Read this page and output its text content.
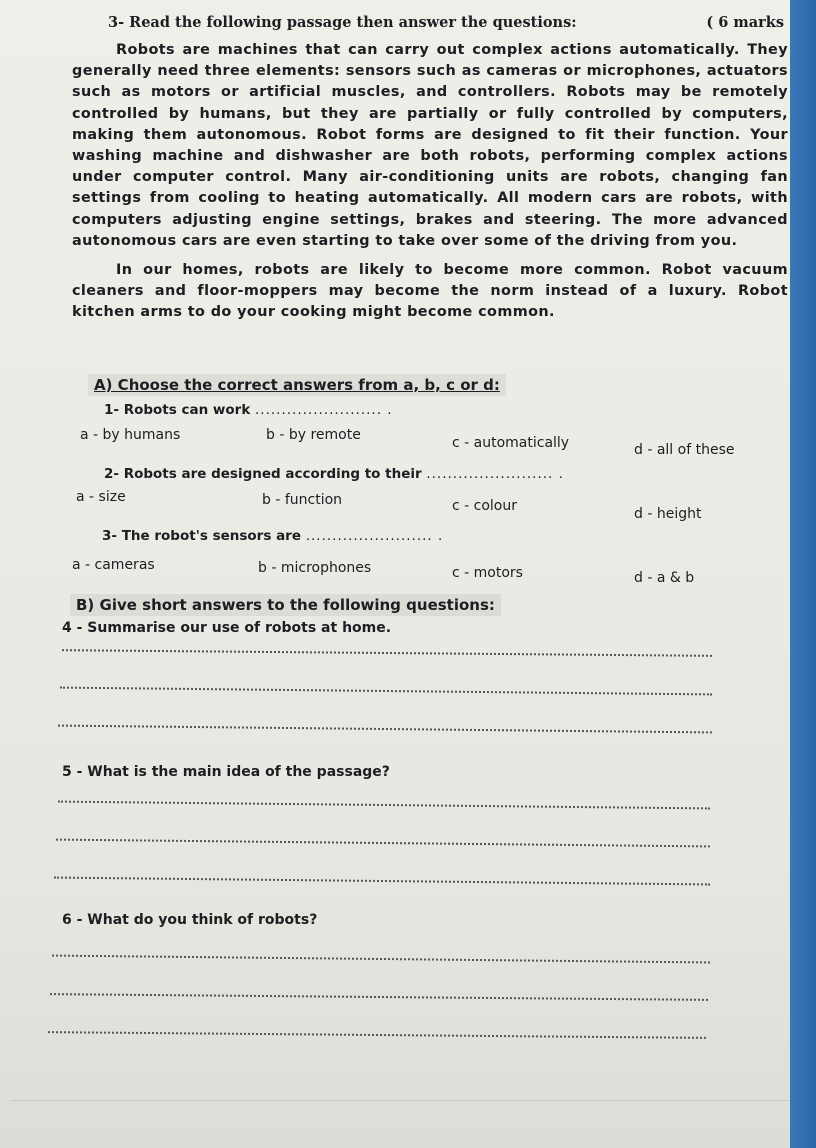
3- Read the following passage then answer the questions:	( 6 marks

Robots are machines that can carry out complex actions automatically. They generally need three elements: sensors such as cameras or microphones, actuators such as motors or artificial muscles, and controllers. Robots may be remotely controlled by humans, but they are partially or fully controlled by computers, making them autonomous. Robot forms are designed to fit their function. Your washing machine and dishwasher are both robots, performing complex actions under computer control. Many air-conditioning units are robots, changing fan settings from cooling to heating automatically. All modern cars are robots, with computers adjusting engine settings, brakes and steering. The more advanced autonomous cars are even starting to take over some of the driving from you.

In our homes, robots are likely to become more common. Robot vacuum cleaners and floor-moppers may become the norm instead of a luxury. Robot kitchen arms to do your cooking might become common.

A) Choose the correct answers from a, b, c or d:
1- Robots can work ........................ .
a - by humans	b - by remote	c - automatically	d - all of these
2- Robots are designed according to their ........................ .
a - size	b - function	c - colour	d - height
3- The robot's sensors are ........................ .
a - cameras	b - microphones	c - motors	d - a & b
B) Give short answers to the following questions:
4 - Summarise our use of robots at home.
5 - What is the main idea of the passage?
6 - What do you think of robots?
